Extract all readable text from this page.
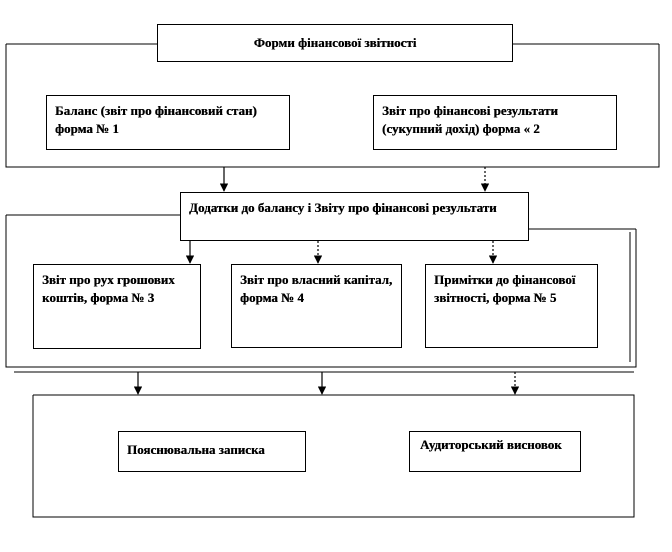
Форми фінансової звітності
Баланс (звіт про фінансовий стан) форма № 1
Звіт про фінансові результати (сукупний дохід) форма « 2
Додатки до балансу і Звіту про фінансові результати
Звіт про рух грошових коштів, форма № 3
Звіт про власний капітал, форма № 4
Примітки до фінансової звітності, форма № 5
Пояснювальна записка	Аудиторський висновок
